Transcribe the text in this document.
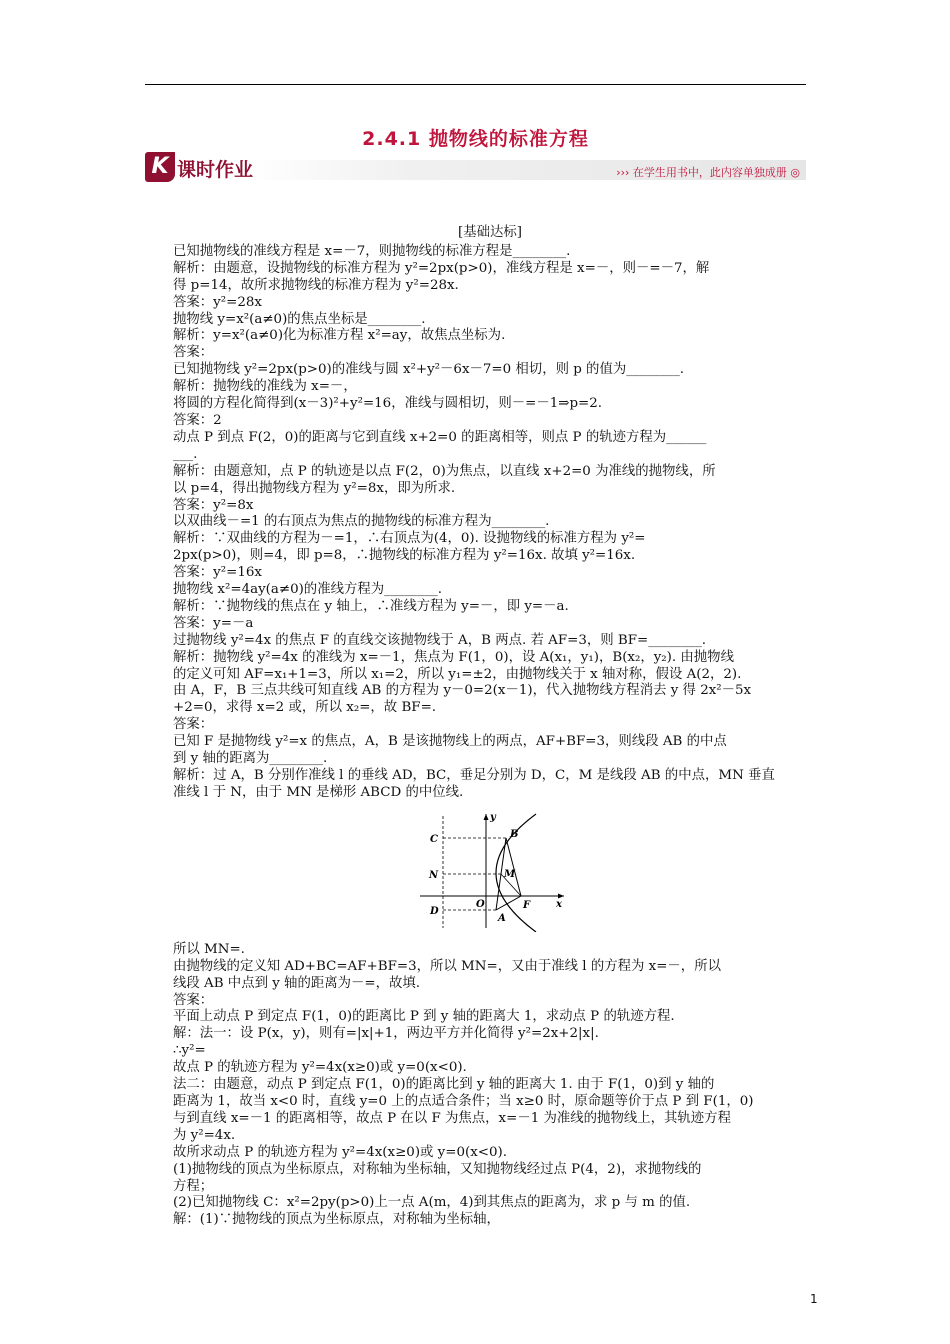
2.4.1 抛物线的标准方程
K 课时作业	››› 在学生用书中，此内容单独成册 ◎

[基础达标]

已知抛物线的准线方程是 x=－7，则抛物线的标准方程是________.

解析：由题意，设抛物线的标准方程为 y²=2px(p>0)，准线方程是 x=－，则－=－7，解

得 p=14，故所求抛物线的标准方程为 y²=28x.

答案：y²=28x

抛物线 y=x²(a≠0)的焦点坐标是________.

解析：y=x²(a≠0)化为标准方程 x²=ay，故焦点坐标为.

答案：

已知抛物线 y²=2px(p>0)的准线与圆 x²+y²－6x－7=0 相切，则 p 的值为________.

解析：抛物线的准线为 x=－，

将圆的方程化简得到(x－3)²+y²=16，准线与圆相切，则－=－1⇒p=2.

答案：2

动点 P 到点 F(2，0)的距离与它到直线 x+2=0 的距离相等，则点 P 的轨迹方程为______

___.

解析：由题意知，点 P 的轨迹是以点 F(2，0)为焦点，以直线 x+2=0 为准线的抛物线，所

以 p=4，得出抛物线方程为 y²=8x，即为所求.

答案：y²=8x

以双曲线－=1 的右顶点为焦点的抛物线的标准方程为________.

解析：∵双曲线的方程为－=1，∴右顶点为(4，0). 设抛物线的标准方程为 y²=

2px(p>0)，则=4，即 p=8，∴抛物线的标准方程为 y²=16x. 故填 y²=16x.

答案：y²=16x

抛物线 x²=4ay(a≠0)的准线方程为________.

解析：∵抛物线的焦点在 y 轴上，∴准线方程为 y=－，即 y=－a.

答案：y=－a

过抛物线 y²=4x 的焦点 F 的直线交该抛物线于 A，B 两点. 若 AF=3，则 BF=________.

解析：抛物线 y²=4x 的准线为 x=－1，焦点为 F(1，0)，设 A(x₁，y₁)，B(x₂，y₂). 由抛物线

的定义可知 AF=x₁+1=3，所以 x₁=2，所以 y₁=±2，由抛物线关于 x 轴对称，假设 A(2，2).

由 A，F，B 三点共线可知直线 AB 的方程为 y－0=2(x－1)，代入抛物线方程消去 y 得 2x²－5x

+2=0，求得 x=2 或，所以 x₂=，故 BF=.

答案：

已知 F 是抛物线 y²=x 的焦点，A，B 是该抛物线上的两点，AF+BF=3，则线段 AB 的中点

到 y 轴的距离为________.

解析：过 A，B 分别作准线 l 的垂线 AD，BC，垂足分别为 D，C，M 是线段 AB 的中点，MN 垂直

准线 l 于 N，由于 MN 是梯形 ABCD 的中位线.

y
x
C	B
N	M
O	F
D
A

所以 MN=.

由抛物线的定义知 AD+BC=AF+BF=3，所以 MN=，又由于准线 l 的方程为 x=－，所以

线段 AB 中点到 y 轴的距离为－=，故填.

答案：

平面上动点 P 到定点 F(1，0)的距离比 P 到 y 轴的距离大 1，求动点 P 的轨迹方程.

解：法一：设 P(x，y)，则有=|x|+1，两边平方并化简得 y²=2x+2|x|.

∴y²=

故点 P 的轨迹方程为 y²=4x(x≥0)或 y=0(x<0).

法二：由题意，动点 P 到定点 F(1，0)的距离比到 y 轴的距离大 1. 由于 F(1，0)到 y 轴的

距离为 1，故当 x<0 时，直线 y=0 上的点适合条件；当 x≥0 时，原命题等价于点 P 到 F(1，0)

与到直线 x=－1 的距离相等，故点 P 在以 F 为焦点，x=－1 为准线的抛物线上，其轨迹方程

为 y²=4x.

故所求动点 P 的轨迹方程为 y²=4x(x≥0)或 y=0(x<0).

(1)抛物线的顶点为坐标原点，对称轴为坐标轴，又知抛物线经过点 P(4，2)，求抛物线的

方程；

(2)已知抛物线 C：x²=2py(p>0)上一点 A(m，4)到其焦点的距离为，求 p 与 m 的值.

解：(1)∵抛物线的顶点为坐标原点，对称轴为坐标轴，

1
